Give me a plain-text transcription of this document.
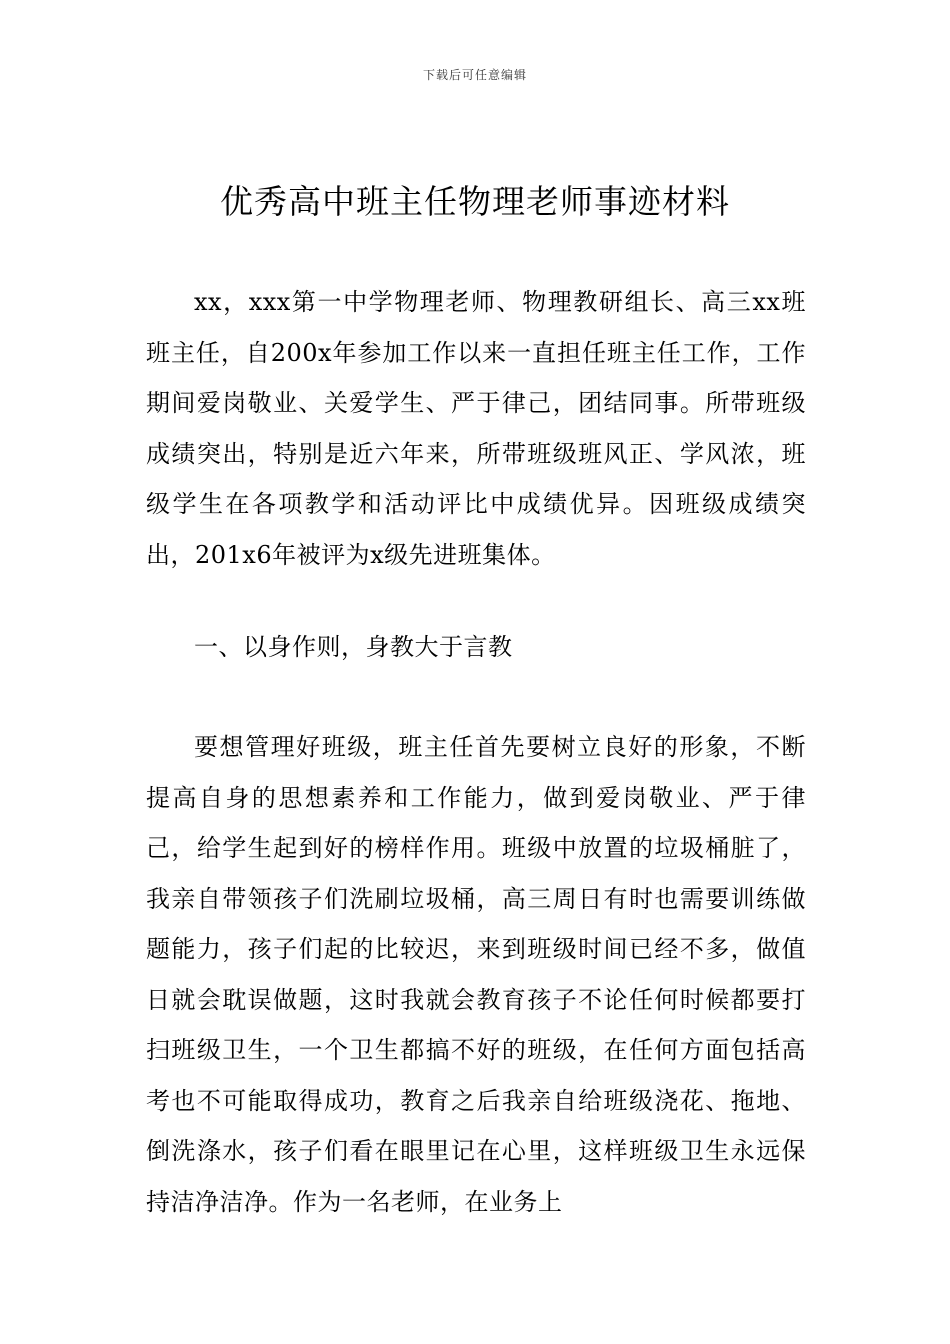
下载后可任意编辑
优秀高中班主任物理老师事迹材料

xx，xxx第一中学物理老师、物理教研组长、高三xx班班主任，自200x年参加工作以来一直担任班主任工作，工作期间爱岗敬业、关爱学生、严于律己，团结同事。所带班级成绩突出，特别是近六年来，所带班级班风正、学风浓，班级学生在各项教学和活动评比中成绩优异。因班级成绩突出，201x6年被评为x级先进班集体。

一、以身作则，身教大于言教

要想管理好班级，班主任首先要树立良好的形象，不断提高自身的思想素养和工作能力，做到爱岗敬业、严于律己，给学生起到好的榜样作用。班级中放置的垃圾桶脏了，我亲自带领孩子们洗刷垃圾桶，高三周日有时也需要训练做题能力，孩子们起的比较迟，来到班级时间已经不多，做值日就会耽误做题，这时我就会教育孩子不论任何时候都要打扫班级卫生，一个卫生都搞不好的班级，在任何方面包括高考也不可能取得成功，教育之后我亲自给班级浇花、拖地、倒洗涤水，孩子们看在眼里记在心里，这样班级卫生永远保持洁净洁净。作为一名老师，在业务上
